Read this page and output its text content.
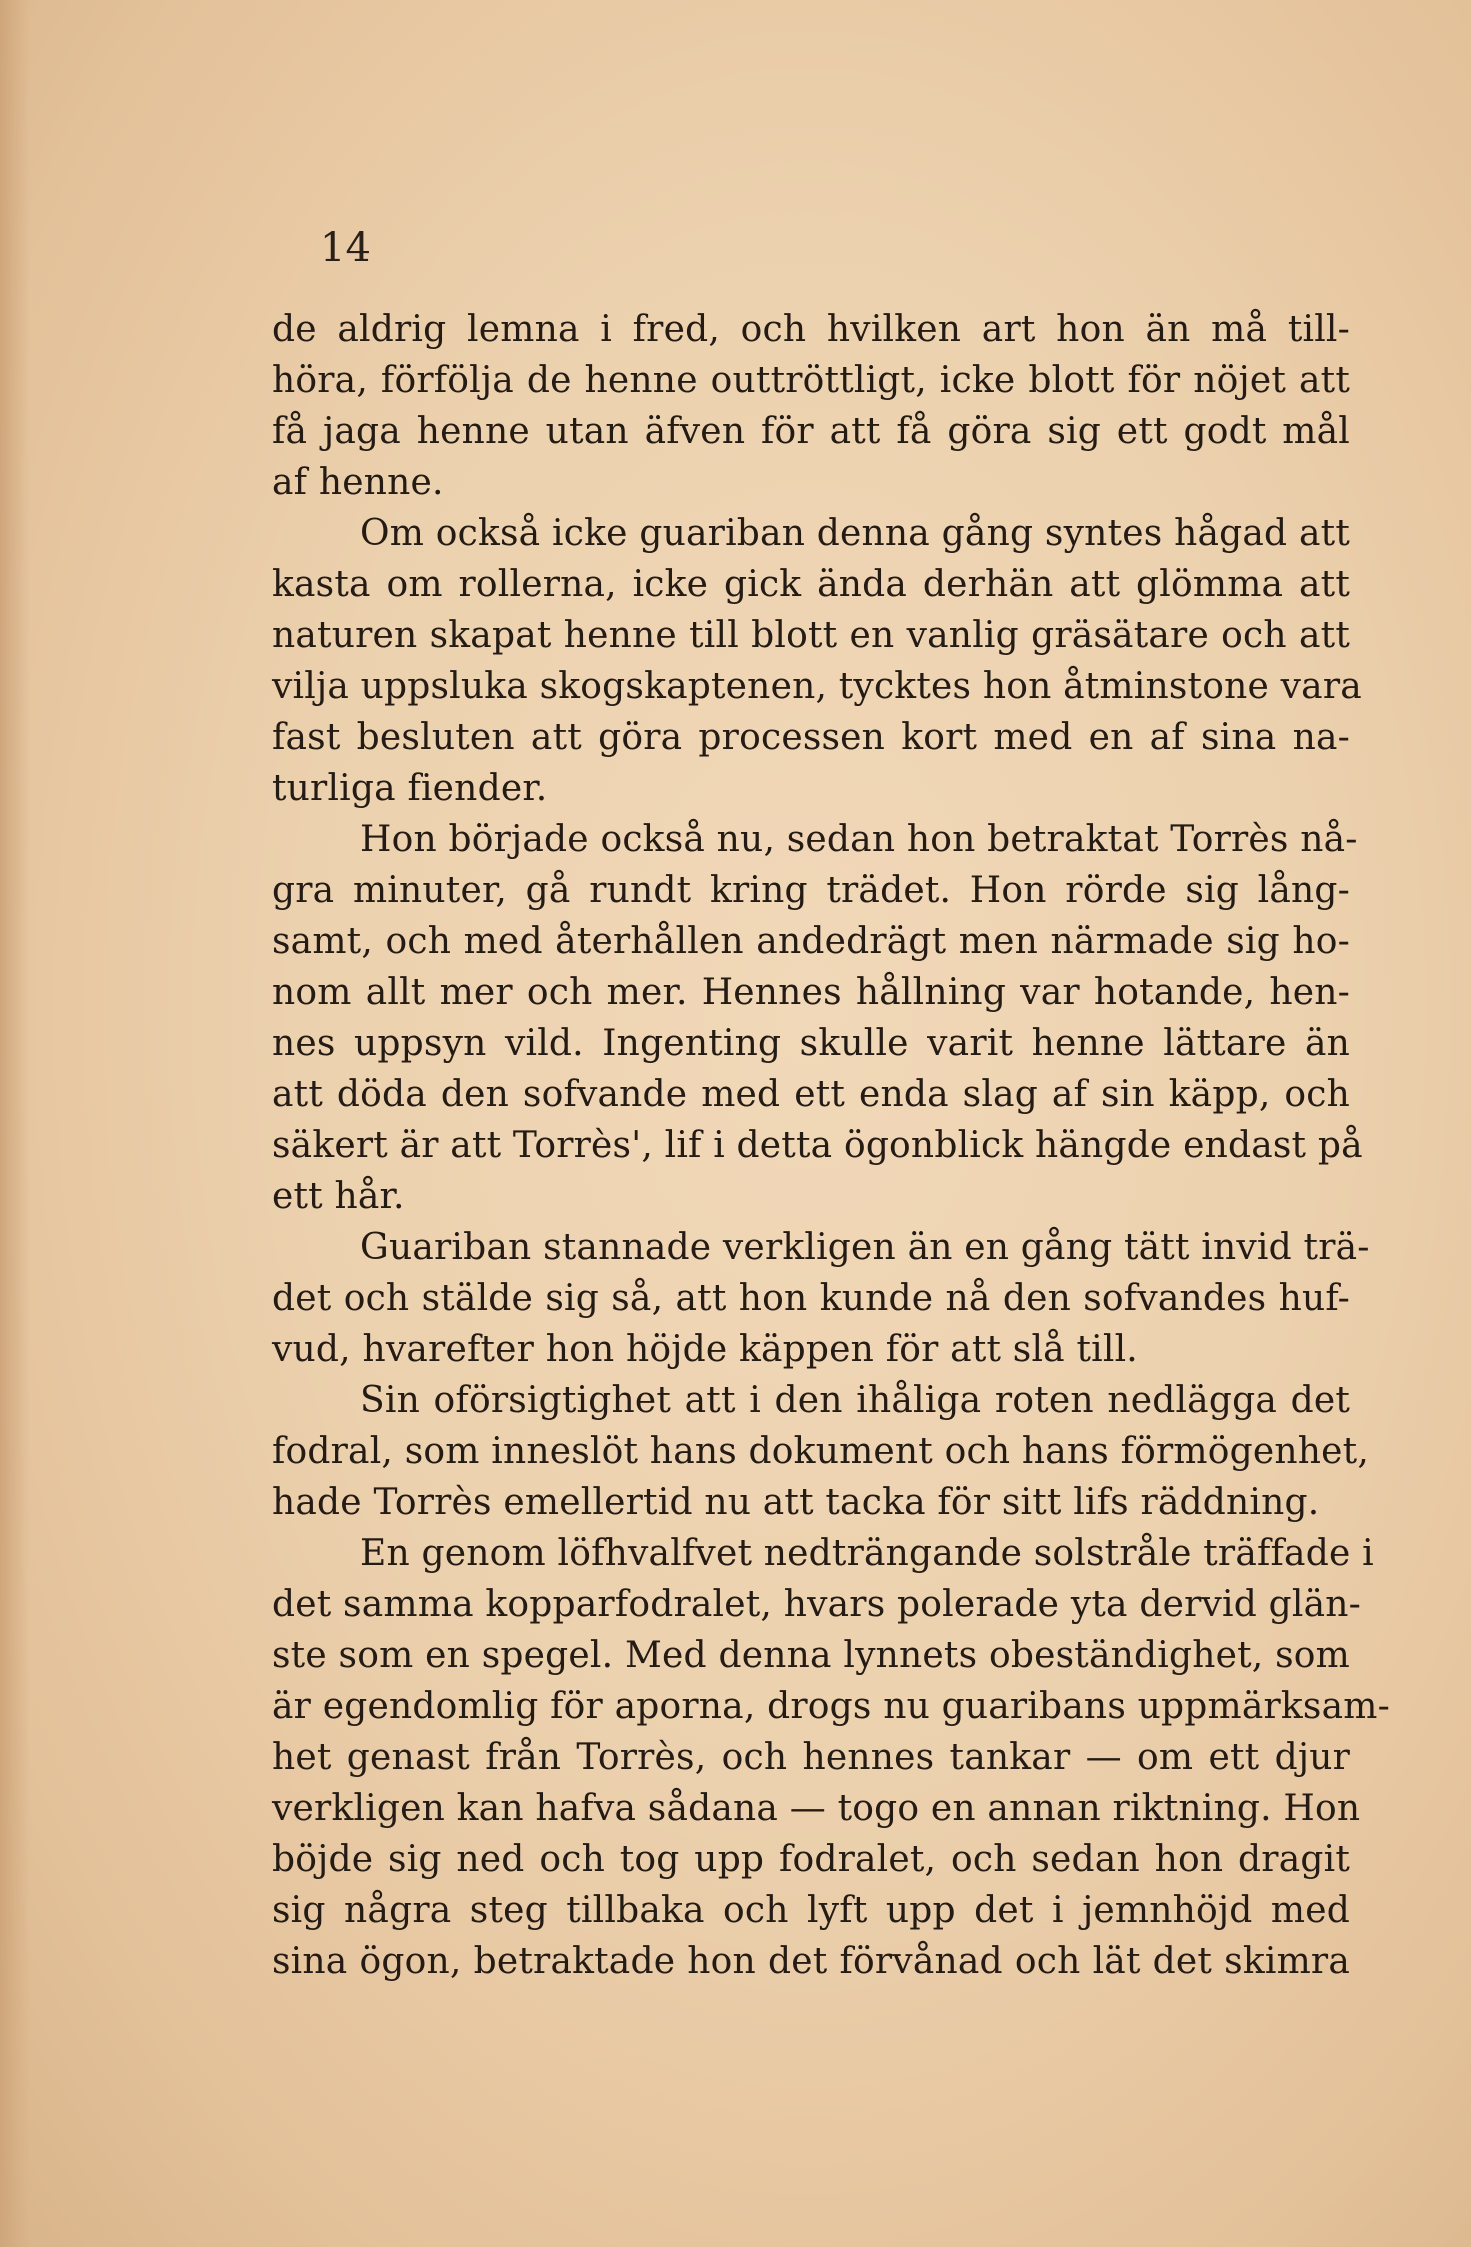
14
de aldrig lemna i fred, och hvilken art hon än må till-
höra, förfölja de henne outtröttligt, icke blott för nöjet att
få jaga henne utan äfven för att få göra sig ett godt mål
af henne.
Om också icke guariban denna gång syntes hågad att
kasta om rollerna, icke gick ända derhän att glömma att
naturen skapat henne till blott en vanlig gräsätare och att
vilja uppsluka skogskaptenen, tycktes hon åtminstone vara
fast besluten att göra processen kort med en af sina na-
turliga fiender.
Hon började också nu, sedan hon betraktat Torrès nå-
gra minuter, gå rundt kring trädet. Hon rörde sig lång-
samt, och med återhållen andedrägt men närmade sig ho-
nom allt mer och mer. Hennes hållning var hotande, hen-
nes uppsyn vild. Ingenting skulle varit henne lättare än
att döda den sofvande med ett enda slag af sin käpp, och
säkert är att Torrès', lif i detta ögonblick hängde endast på
ett hår.
Guariban stannade verkligen än en gång tätt invid trä-
det och stälde sig så, att hon kunde nå den sofvandes huf-
vud, hvarefter hon höjde käppen för att slå till.
Sin oförsigtighet att i den ihåliga roten nedlägga det
fodral, som inneslöt hans dokument och hans förmögenhet,
hade Torrès emellertid nu att tacka för sitt lifs räddning.
En genom löfhvalfvet nedträngande solstråle träffade i
det samma kopparfodralet, hvars polerade yta dervid glän-
ste som en spegel. Med denna lynnets obeständighet, som
är egendomlig för aporna, drogs nu guaribans uppmärksam-
het genast från Torrès, och hennes tankar — om ett djur
verkligen kan hafva sådana — togo en annan riktning. Hon
böjde sig ned och tog upp fodralet, och sedan hon dragit
sig några steg tillbaka och lyft upp det i jemnhöjd med
sina ögon, betraktade hon det förvånad och lät det skimra
